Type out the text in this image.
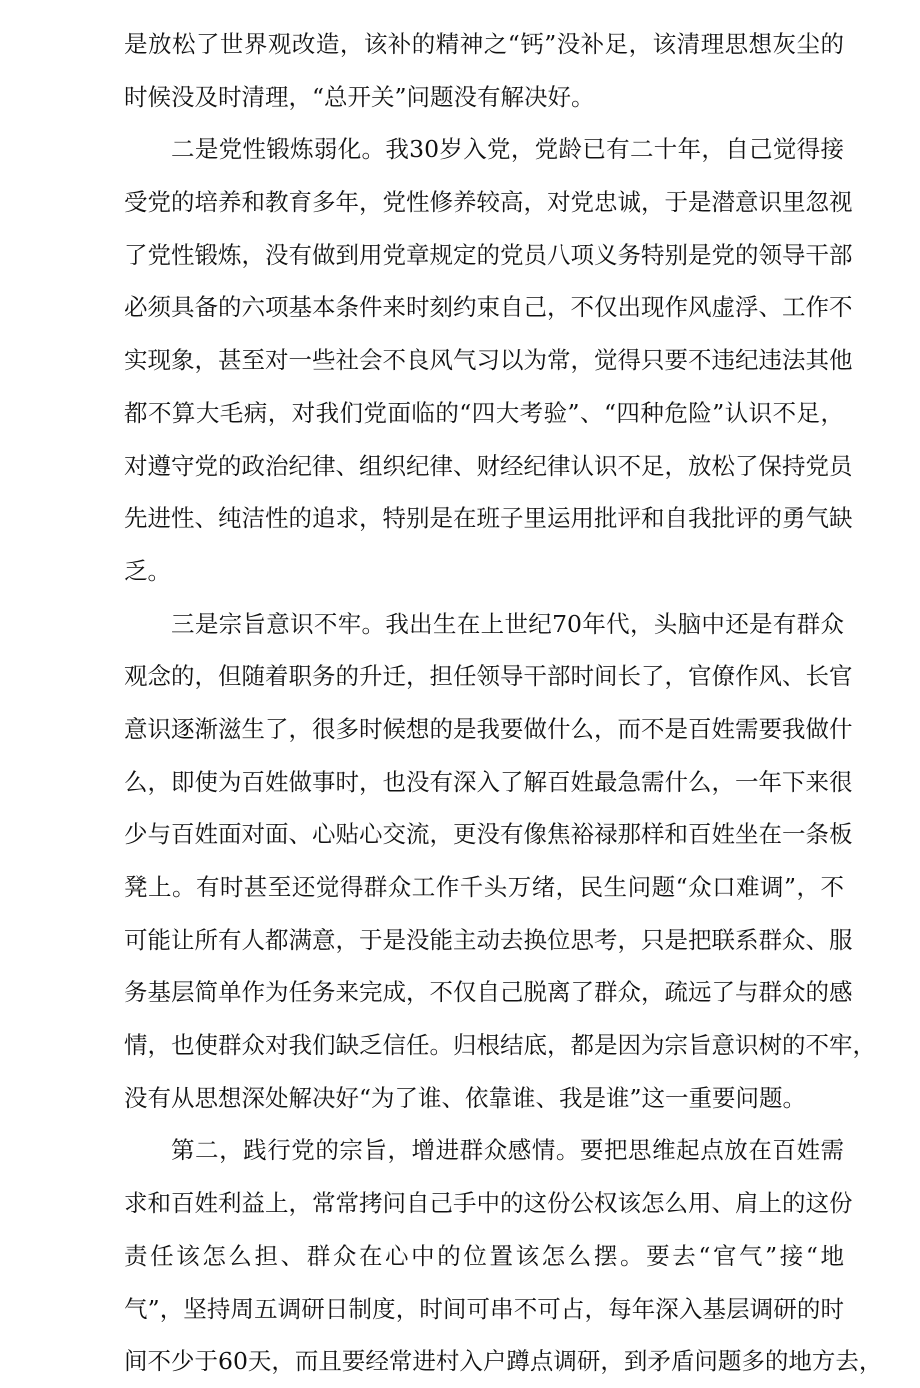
是放松了世界观改造，该补的精神之“钙”没补足，该清理思想灰尘的
时候没及时清理，“总开关”问题没有解决好。
二是党性锻炼弱化。我30岁入党，党龄已有二十年，自己觉得接
受党的培养和教育多年，党性修养较高，对党忠诚，于是潜意识里忽视
了党性锻炼，没有做到用党章规定的党员八项义务特别是党的领导干部
必须具备的六项基本条件来时刻约束自己，不仅出现作风虚浮、工作不
实现象，甚至对一些社会不良风气习以为常，觉得只要不违纪违法其他
都不算大毛病，对我们党面临的“四大考验”、“四种危险”认识不足，
对遵守党的政治纪律、组织纪律、财经纪律认识不足，放松了保持党员
先进性、纯洁性的追求，特别是在班子里运用批评和自我批评的勇气缺
乏。
三是宗旨意识不牢。我出生在上世纪70年代，头脑中还是有群众
观念的，但随着职务的升迁，担任领导干部时间长了，官僚作风、长官
意识逐渐滋生了，很多时候想的是我要做什么，而不是百姓需要我做什
么，即使为百姓做事时，也没有深入了解百姓最急需什么，一年下来很
少与百姓面对面、心贴心交流，更没有像焦裕禄那样和百姓坐在一条板
凳上。有时甚至还觉得群众工作千头万绪，民生问题“众口难调”，不
可能让所有人都满意，于是没能主动去换位思考，只是把联系群众、服
务基层简单作为任务来完成，不仅自己脱离了群众，疏远了与群众的感
情，也使群众对我们缺乏信任。归根结底，都是因为宗旨意识树的不牢，
没有从思想深处解决好“为了谁、依靠谁、我是谁”这一重要问题。
第二，践行党的宗旨，增进群众感情。要把思维起点放在百姓需
求和百姓利益上，常常拷问自己手中的这份公权该怎么用、肩上的这份
责任该怎么担、群众在心中的位置该怎么摆。要去“官气”接“地
气”，坚持周五调研日制度，时间可串不可占，每年深入基层调研的时
间不少于60天，而且要经常进村入户蹲点调研，到矛盾问题多的地方去，
